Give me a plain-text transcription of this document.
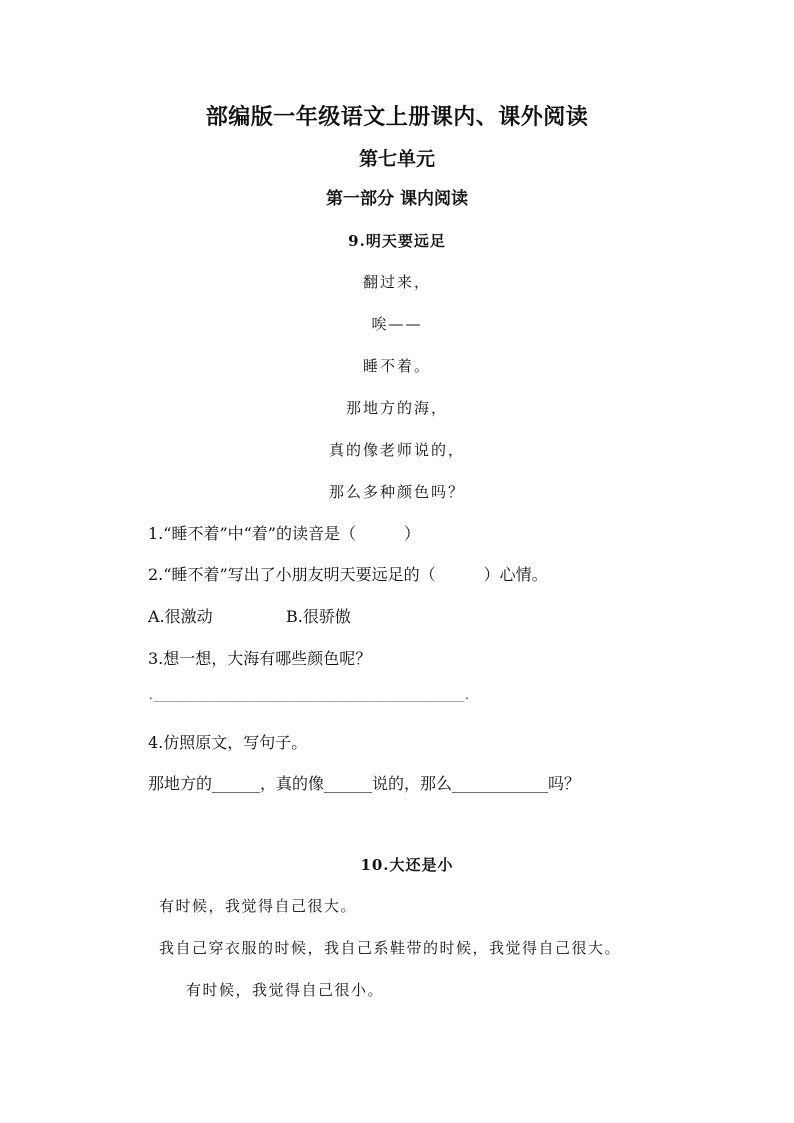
部编版一年级语文上册课内、课外阅读
第七单元
第一部分 课内阅读
9.明天要远足
翻过来，
唉——
睡不着。
那地方的海，
真的像老师说的，
那么多种颜色吗？
1.“睡不着”中“着”的读音是（　　　）
2.“睡不着”写出了小朋友明天要远足的（　　　）心情。
A.很激动	B.很骄傲
3.想一想，大海有哪些颜色呢？
._______________________________________________________.
4.仿照原文，写句子。
那地方的______，真的像______说的，那么____________吗？
10.大还是小
有时候，我觉得自己很大。
我自己穿衣服的时候，我自己系鞋带的时候，我觉得自己很大。
有时候，我觉得自己很小。
